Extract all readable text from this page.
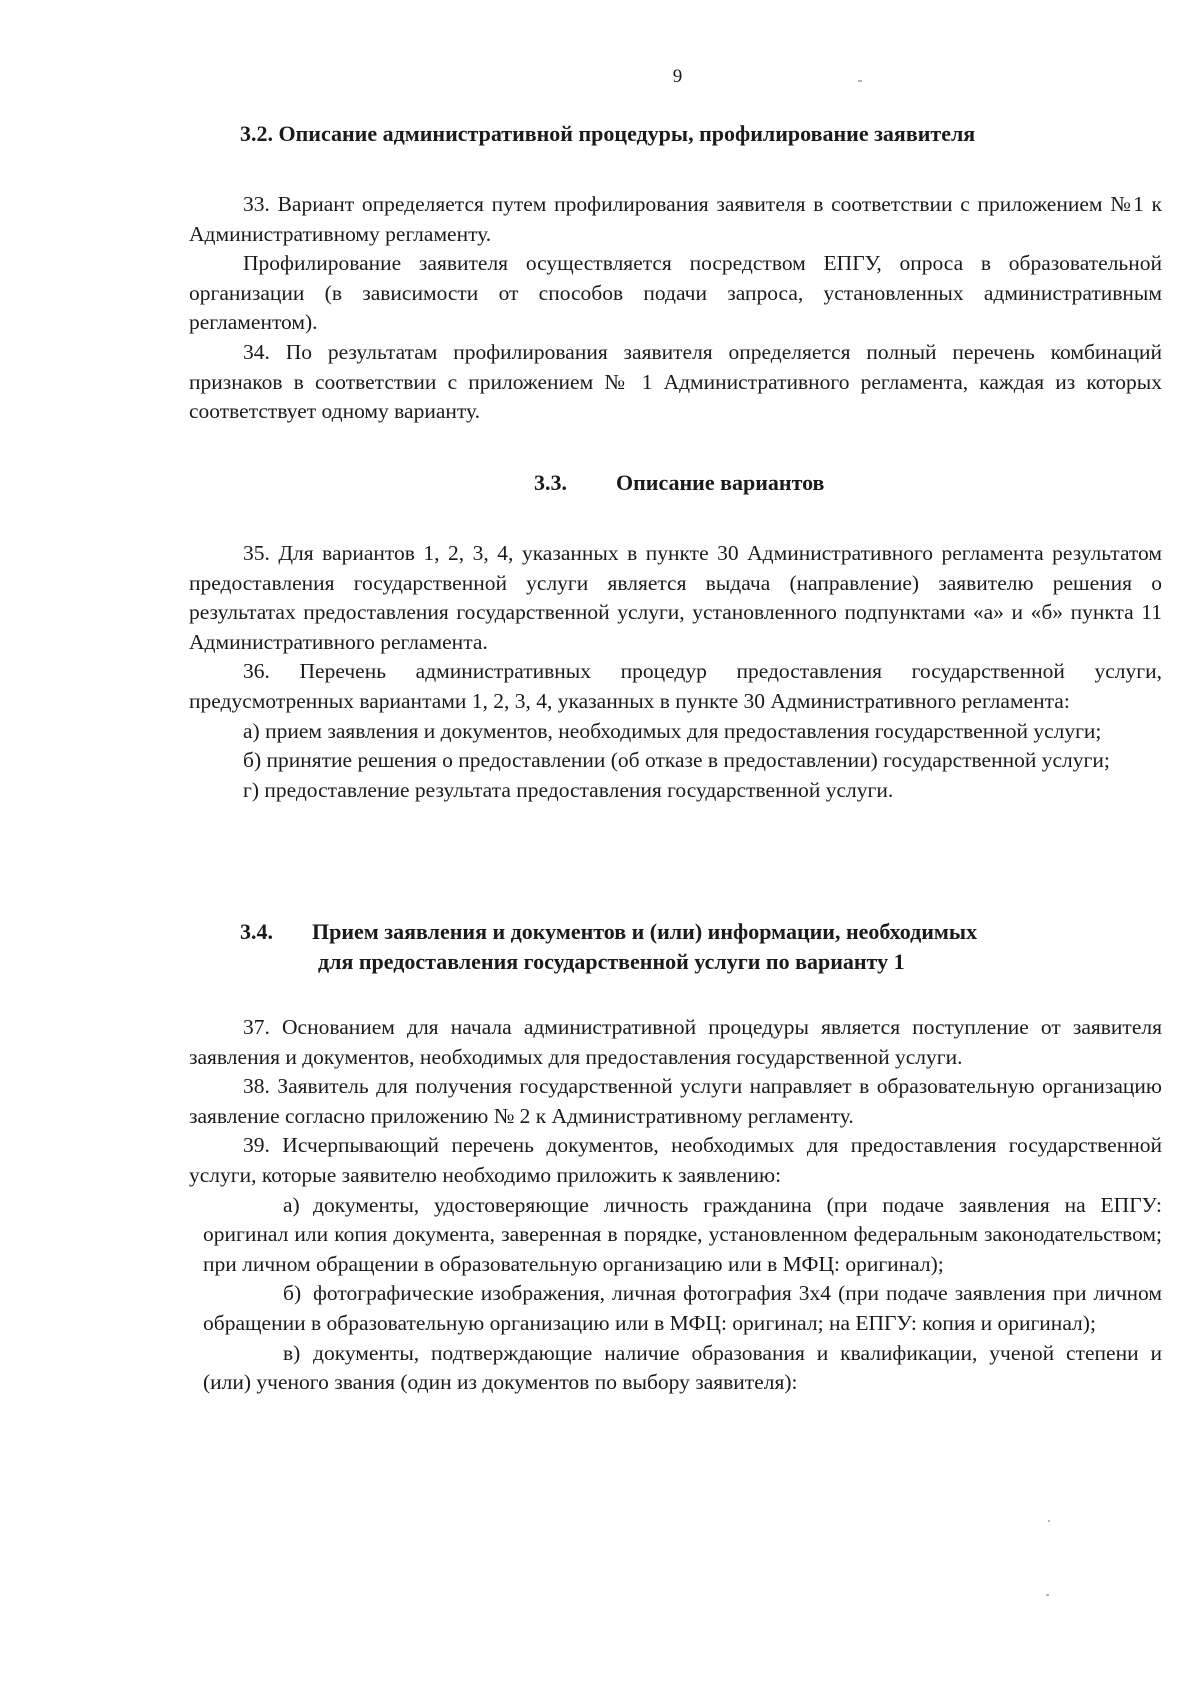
9
3.2. Описание административной процедуры, профилирование заявителя

33. Вариант определяется путем профилирования заявителя в соответствии с приложением №1 к Административному регламенту.

Профилирование заявителя осуществляется посредством ЕПГУ, опроса в образовательной организации (в зависимости от способов подачи запроса, установленных административным регламентом).

34. По результатам профилирования заявителя определяется полный перечень комбинаций признаков в соответствии с приложением № 1 Административного регламента, каждая из которых соответствует одному варианту.

3.3. Описание вариантов

35. Для вариантов 1, 2, 3, 4, указанных в пункте 30 Административного регламента результатом предоставления государственной услуги является выдача (направление) заявителю решения о результатах предоставления государственной услуги, установленного подпунктами «а» и «б» пункта 11 Административного регламента.

36. Перечень административных процедур предоставления государственной услуги, предусмотренных вариантами 1, 2, 3, 4, указанных в пункте 30 Административного регламента:

а) прием заявления и документов, необходимых для предоставления государственной услуги;

б) принятие решения о предоставлении (об отказе в предоставлении) государственной услуги;

г) предоставление результата предоставления государственной услуги.

3.4. Прием заявления и документов и (или) информации, необходимых
для предоставления государственной услуги по варианту 1

37. Основанием для начала административной процедуры является поступление от заявителя заявления и документов, необходимых для предоставления государственной услуги.

38. Заявитель для получения государственной услуги направляет в образовательную организацию заявление согласно приложению № 2 к Административному регламенту.

39. Исчерпывающий перечень документов, необходимых для предоставления государственной услуги, которые заявителю необходимо приложить к заявлению:

а) документы, удостоверяющие личность гражданина (при подаче заявления на ЕПГУ: оригинал или копия документа, заверенная в порядке, установленном федеральным законодательством; при личном обращении в образовательную организацию или в МФЦ: оригинал);

б) фотографические изображения, личная фотография 3x4 (при подаче заявления при личном обращении в образовательную организацию или в МФЦ: оригинал; на ЕПГУ: копия и оригинал);

в) документы, подтверждающие наличие образования и квалификации, ученой степени и (или) ученого звания (один из документов по выбору заявителя):
